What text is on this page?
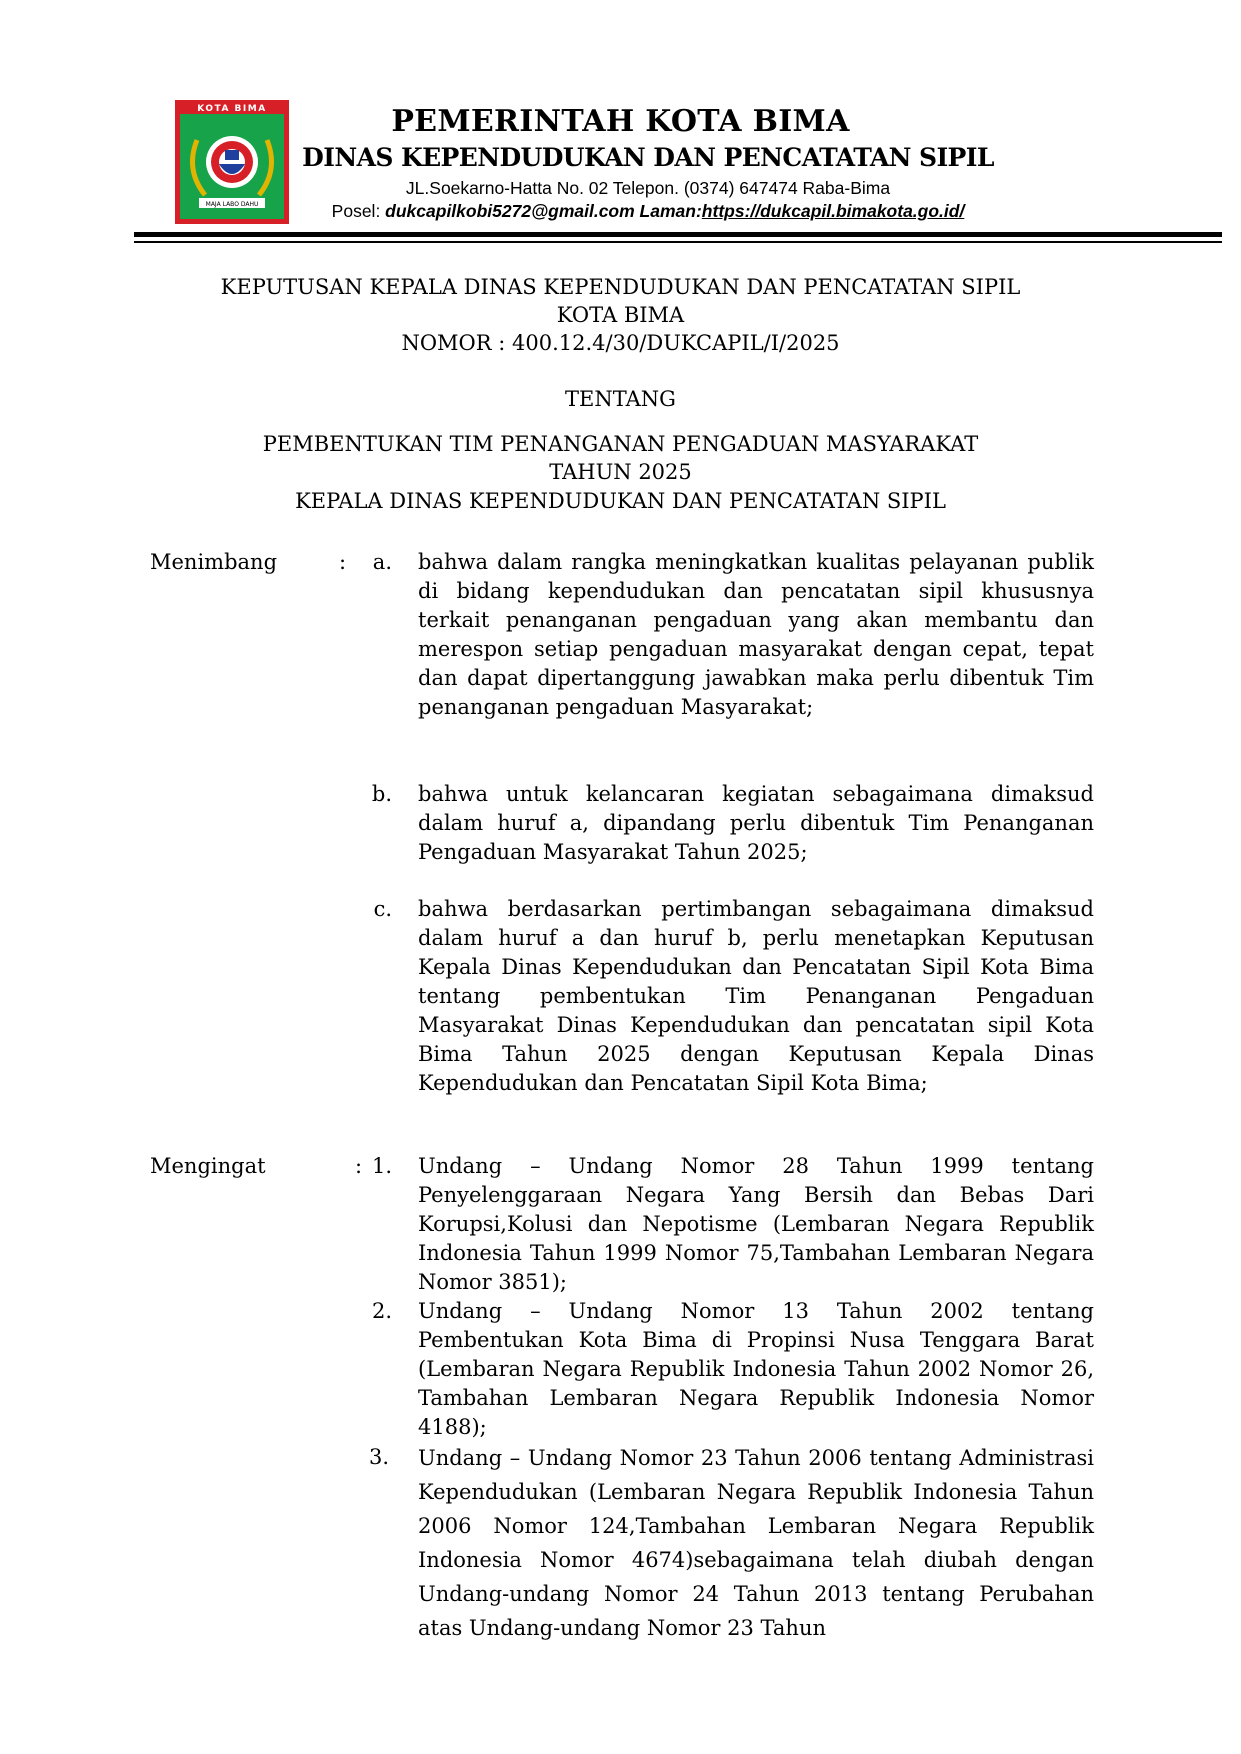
KOTA BIMA
MAJA LABO DAHU
PEMERINTAH KOTA BIMA
DINAS KEPENDUDUKAN DAN PENCATATAN SIPIL
JL.Soekarno-Hatta No. 02 Telepon. (0374) 647474 Raba-Bima
Posel: dukcapilkobi5272@gmail.com Laman:https://dukcapil.bimakota.go.id/
KEPUTUSAN KEPALA DINAS KEPENDUDUKAN DAN PENCATATAN SIPIL
KOTA BIMA
NOMOR : 400.12.4/30/DUKCAPIL/I/2025
TENTANG
PEMBENTUKAN TIM PENANGANAN PENGADUAN MASYARAKAT
TAHUN 2025
KEPALA DINAS KEPENDUDUKAN DAN PENCATATAN SIPIL
Menimbang	:	a. bahwa dalam rangka meningkatkan kualitas pelayanan publik di bidang kependudukan dan pencatatan sipil khususnya terkait penanganan pengaduan yang akan membantu dan merespon setiap pengaduan masyarakat dengan cepat, tepat dan dapat dipertanggung jawabkan maka perlu dibentuk Tim penanganan pengaduan Masyarakat;
b. bahwa untuk kelancaran kegiatan sebagaimana dimaksud dalam huruf a, dipandang perlu dibentuk Tim Penanganan Pengaduan Masyarakat Tahun 2025;
c. bahwa berdasarkan pertimbangan sebagaimana dimaksud dalam huruf a dan huruf b, perlu menetapkan Keputusan Kepala Dinas Kependudukan dan Pencatatan Sipil Kota Bima tentang pembentukan Tim Penanganan Pengaduan Masyarakat Dinas Kependudukan dan pencatatan sipil Kota Bima Tahun 2025 dengan Keputusan Kepala Dinas Kependudukan dan Pencatatan Sipil Kota Bima;
Mengingat	: 1. Undang – Undang Nomor 28 Tahun 1999 tentang Penyelenggaraan Negara Yang Bersih dan Bebas Dari Korupsi,Kolusi dan Nepotisme (Lembaran Negara Republik Indonesia Tahun 1999 Nomor 75,Tambahan Lembaran Negara Nomor 3851);
2. Undang – Undang Nomor 13 Tahun 2002 tentang Pembentukan Kota Bima di Propinsi Nusa Tenggara Barat (Lembaran Negara Republik Indonesia Tahun 2002 Nomor 26, Tambahan Lembaran Negara Republik Indonesia Nomor 4188);
3. Undang – Undang Nomor 23 Tahun 2006 tentang Administrasi Kependudukan (Lembaran Negara Republik Indonesia Tahun 2006 Nomor 124,Tambahan Lembaran Negara Republik Indonesia Nomor 4674)sebagaimana telah diubah dengan Undang-undang Nomor 24 Tahun 2013 tentang Perubahan atas Undang-undang Nomor 23 Tahun
